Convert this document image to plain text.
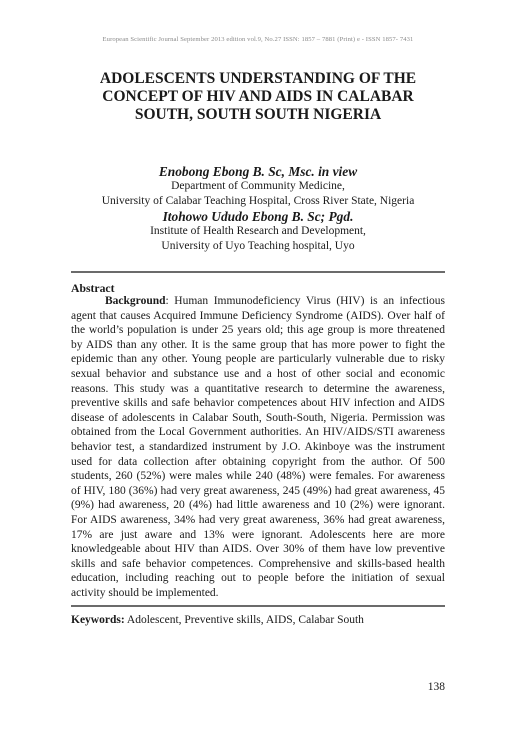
European Scientific Journal September 2013 edition vol.9, No.27 ISSN: 1857 – 7881 (Print) e - ISSN 1857- 7431
ADOLESCENTS UNDERSTANDING OF THE
CONCEPT OF HIV AND AIDS IN CALABAR
SOUTH, SOUTH SOUTH NIGERIA
Enobong Ebong B. Sc, Msc. in view
Department of Community Medicine,
University of Calabar Teaching Hospital, Cross River State, Nigeria
Itohowo Ududo Ebong B. Sc; Pgd.
Institute of Health Research and Development,
University of Uyo Teaching hospital, Uyo
Abstract
Background: Human Immunodeficiency Virus (HIV) is an infectious agent that causes Acquired Immune Deficiency Syndrome (AIDS). Over half of the world’s population is under 25 years old; this age group is more threatened by AIDS than any other. It is the same group that has more power to fight the epidemic than any other. Young people are particularly vulnerable due to risky sexual behavior and substance use and a host of other social and economic reasons. This study was a quantitative research to determine the awareness, preventive skills and safe behavior competences about HIV infection and AIDS disease of adolescents in Calabar South, South-South, Nigeria. Permission was obtained from the Local Government authorities. An HIV/AIDS/STI awareness behavior test, a standardized instrument by J.O. Akinboye was the instrument used for data collection after obtaining copyright from the author. Of 500 students, 260 (52%) were males while 240 (48%) were females. For awareness of HIV, 180 (36%) had very great awareness, 245 (49%) had great awareness, 45 (9%) had awareness, 20 (4%) had little awareness and 10 (2%) were ignorant. For AIDS awareness, 34% had very great awareness, 36% had great awareness, 17% are just aware and 13% were ignorant. Adolescents here are more knowledgeable about HIV than AIDS. Over 30% of them have low preventive skills and safe behavior competences. Comprehensive and skills-based health education, including reaching out to people before the initiation of sexual activity should be implemented.
Keywords: Adolescent, Preventive skills, AIDS, Calabar South
138
